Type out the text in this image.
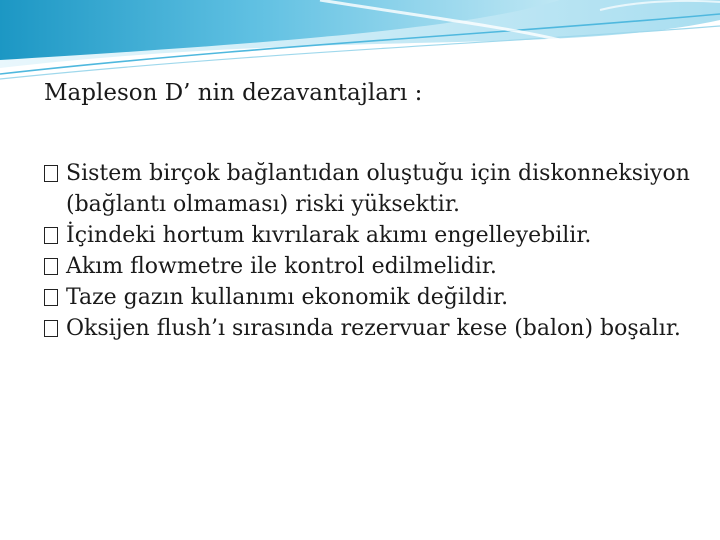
Mapleson D’ nin dezavantajları :
Sistem birçok bağlantıdan oluştuğu için diskonneksiyon (bağlantı olmaması) riski yüksektir.
İçindeki hortum kıvrılarak akımı engelleyebilir.
Akım flowmetre ile kontrol edilmelidir.
Taze gazın kullanımı ekonomik değildir.
Oksijen flush’ı sırasında rezervuar kese (balon) boşalır.
